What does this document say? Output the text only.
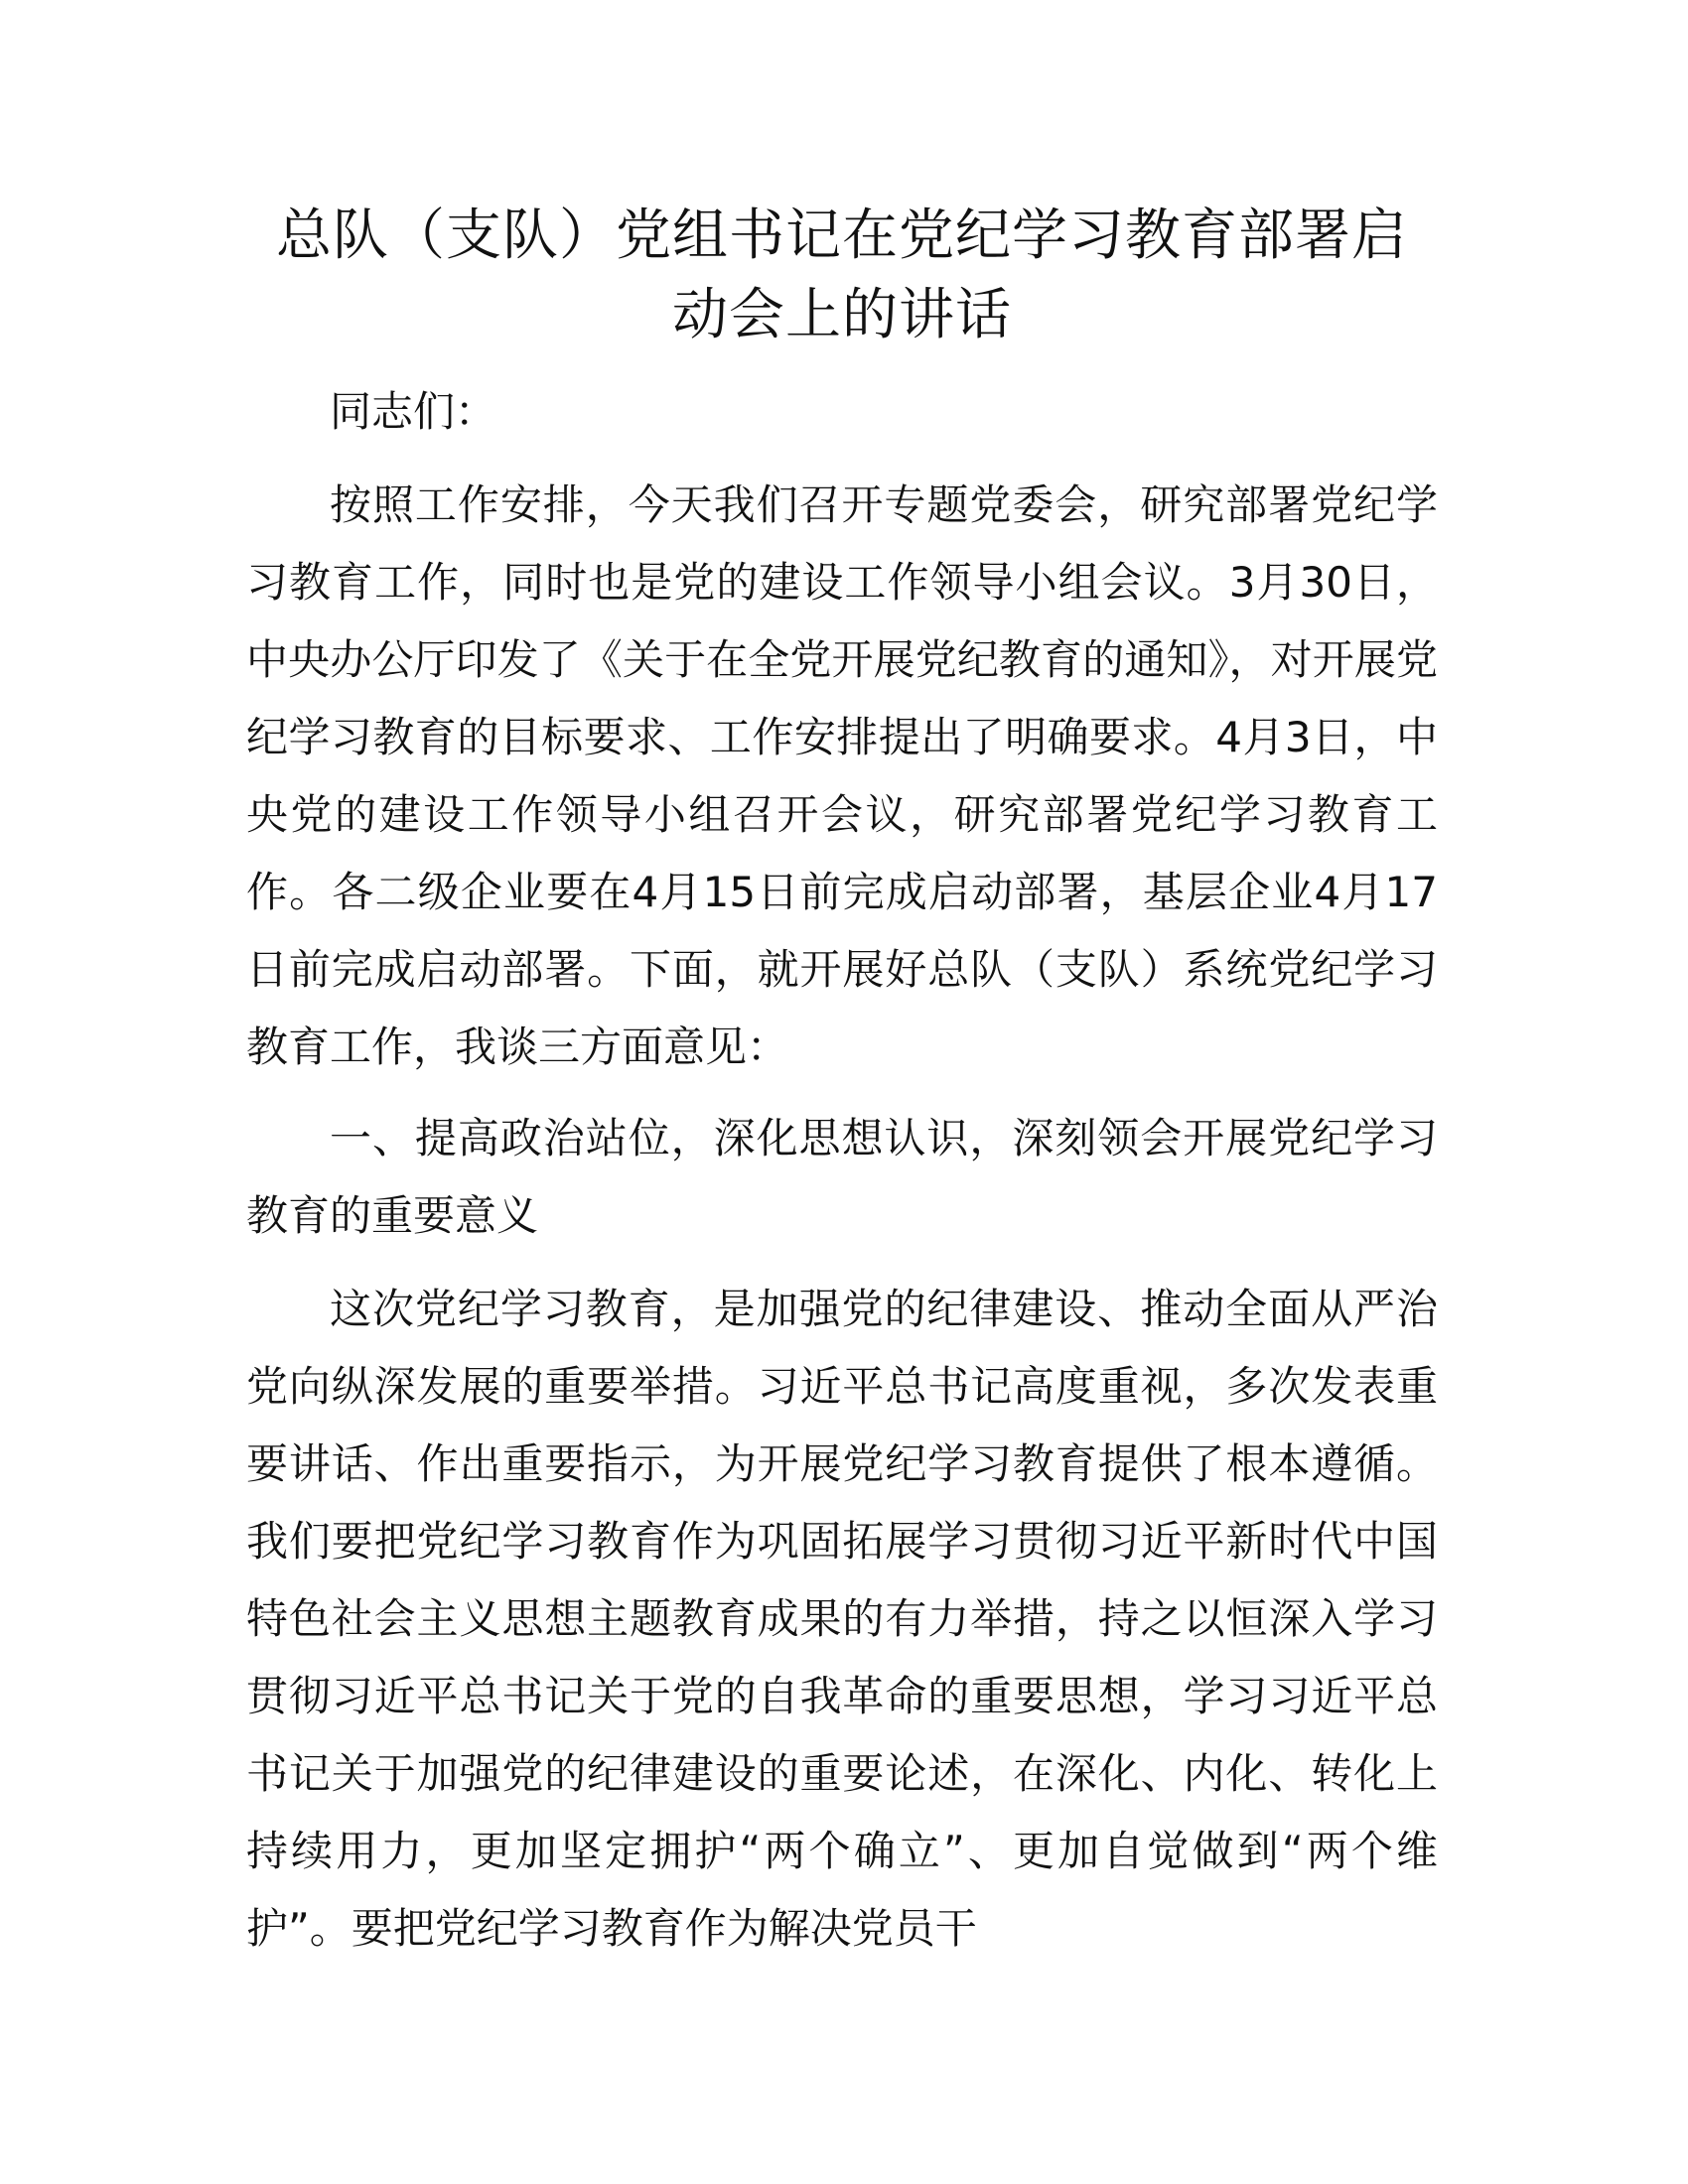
总队（支队）党组书记在党纪学习教育部署启
动会上的讲话

同志们：

按照工作安排，今天我们召开专题党委会，研究部署党纪学习教育工作，同时也是党的建设工作领导小组会议。3月30日，中央办公厅印发了《关于在全党开展党纪教育的通知》，对开展党纪学习教育的目标要求、工作安排提出了明确要求。4月3日，中央党的建设工作领导小组召开会议，研究部署党纪学习教育工作。各二级企业要在4月15日前完成启动部署，基层企业4月17日前完成启动部署。下面，就开展好总队（支队）系统党纪学习教育工作，我谈三方面意见：

一、提高政治站位，深化思想认识，深刻领会开展党纪学习教育的重要意义

这次党纪学习教育，是加强党的纪律建设、推动全面从严治党向纵深发展的重要举措。习近平总书记高度重视，多次发表重要讲话、作出重要指示，为开展党纪学习教育提供了根本遵循。我们要把党纪学习教育作为巩固拓展学习贯彻习近平新时代中国特色社会主义思想主题教育成果的有力举措，持之以恒深入学习贯彻习近平总书记关于党的自我革命的重要思想，学习习近平总书记关于加强党的纪律建设的重要论述，在深化、内化、转化上持续用力，更加坚定拥护“两个确立”、更加自觉做到“两个维护”。要把党纪学习教育作为解决党员干
